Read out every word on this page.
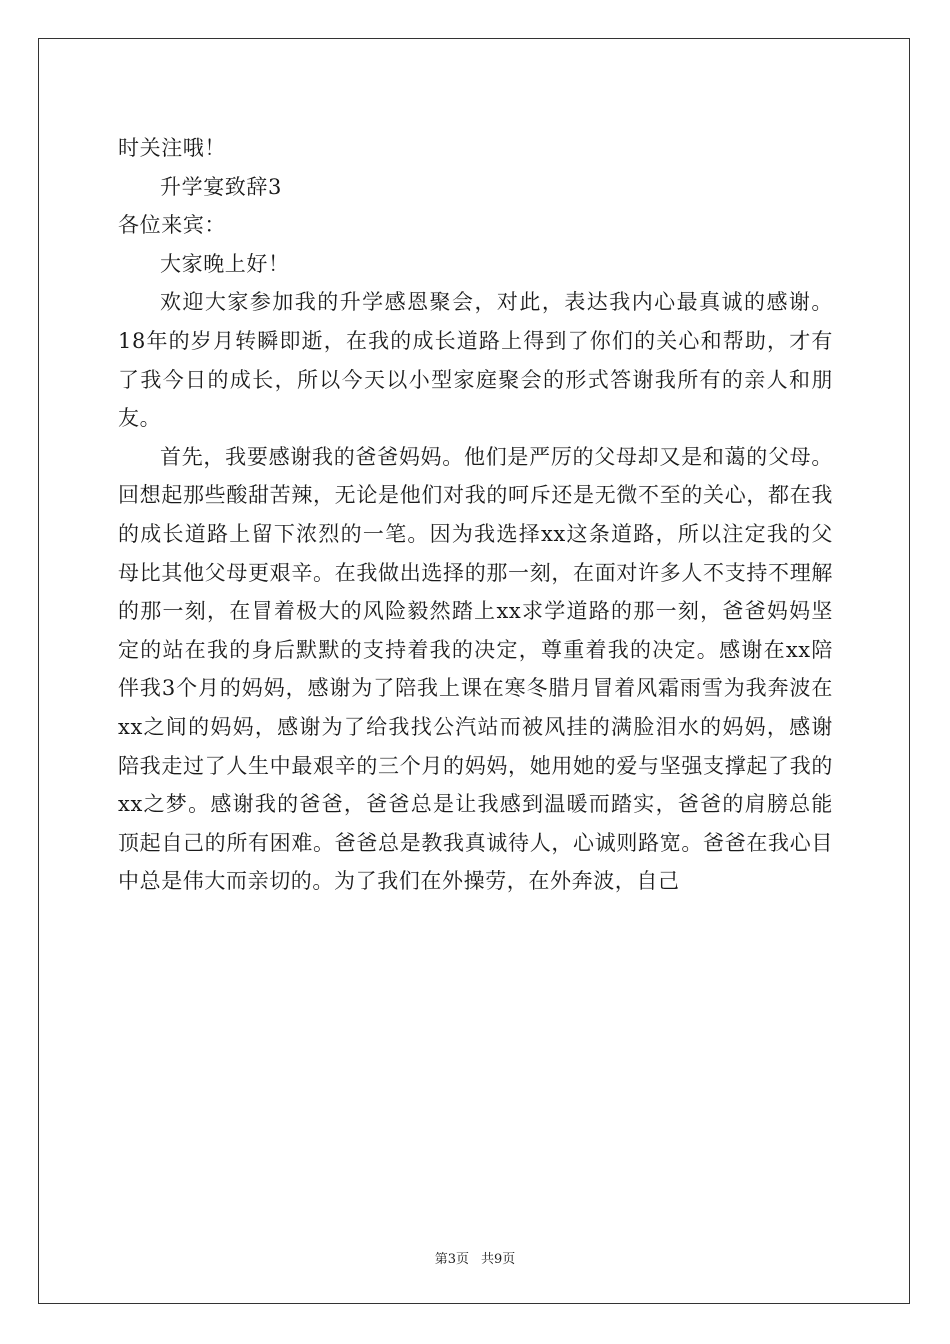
时关注哦！

升学宴致辞3

各位来宾：

大家晚上好！

欢迎大家参加我的升学感恩聚会，对此，表达我内心最真诚的感谢。18年的岁月转瞬即逝，在我的成长道路上得到了你们的关心和帮助，才有了我今日的成长，所以今天以小型家庭聚会的形式答谢我所有的亲人和朋友。

首先，我要感谢我的爸爸妈妈。他们是严厉的父母却又是和蔼的父母。回想起那些酸甜苦辣，无论是他们对我的呵斥还是无微不至的关心，都在我的成长道路上留下浓烈的一笔。因为我选择xx这条道路，所以注定我的父母比其他父母更艰辛。在我做出选择的那一刻，在面对许多人不支持不理解的那一刻，在冒着极大的风险毅然踏上xx求学道路的那一刻，爸爸妈妈坚定的站在我的身后默默的支持着我的决定，尊重着我的决定。感谢在xx陪伴我3个月的妈妈，感谢为了陪我上课在寒冬腊月冒着风霜雨雪为我奔波在xx之间的妈妈，感谢为了给我找公汽站而被风挂的满脸泪水的妈妈，感谢陪我走过了人生中最艰辛的三个月的妈妈，她用她的爱与坚强支撑起了我的xx之梦。感谢我的爸爸，爸爸总是让我感到温暖而踏实，爸爸的肩膀总能顶起自己的所有困难。爸爸总是教我真诚待人，心诚则路宽。爸爸在我心目中总是伟大而亲切的。为了我们在外操劳，在外奔波，自己

第3页 共9页
